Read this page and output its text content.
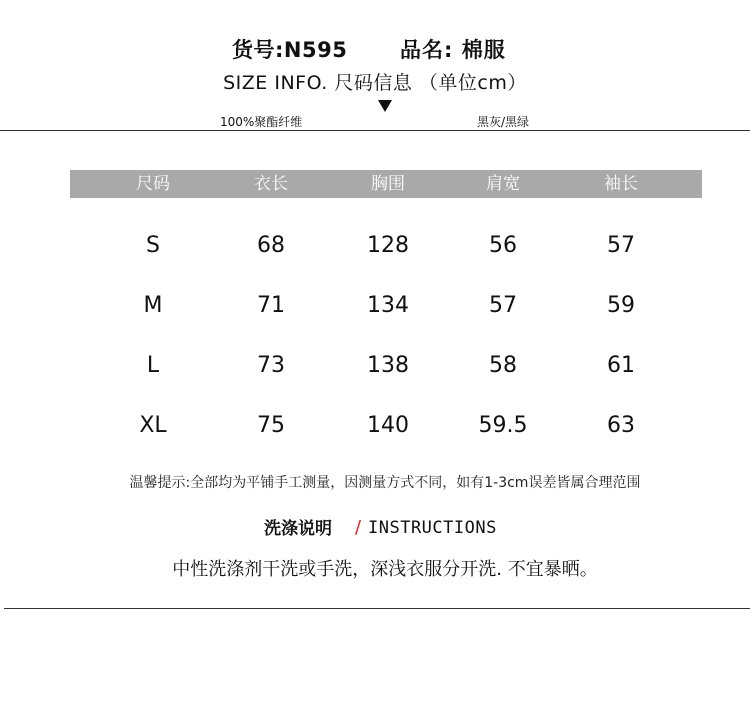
货号:N595	品名: 棉服
SIZE INFO. 尺码信息 （单位cm）
100%聚酯纤维	黑灰/黑绿
尺码	衣长	胸围	肩宽	袖长
S	68	128	56	57
M	71	134	57	59
L	73	138	58	61
XL	75	140	59.5	63
温馨提示:全部均为平铺手工测量，因测量方式不同，如有1-3cm误差皆属合理范围
洗涤说明 / INSTRUCTIONS
中性洗涤剂干洗或手洗，深浅衣服分开洗. 不宜暴晒。
